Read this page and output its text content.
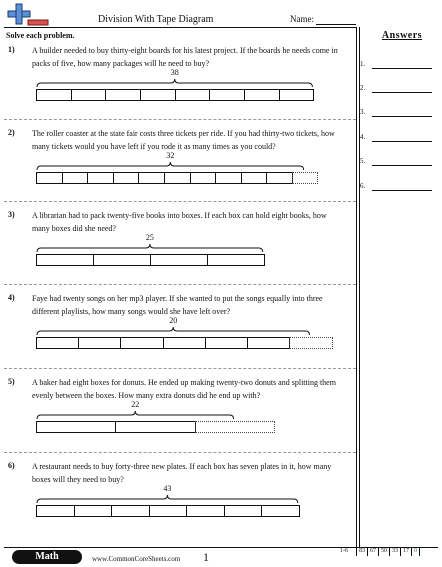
Division With Tape Diagram	Name:
Solve each problem.	Answers
1.
2.
3.
4.
5.
6.
1) A builder needed to buy thirty-eight boards for his latest project. If the boards he needs come in packs of five, how many packages will he need to buy?
38
2) The roller coaster at the state fair costs three tickets per ride. If you had thirty-two tickets, how many tickets would you have left if you rode it as many times as you could?
32
3) A librarian had to pack twenty-five books into boxes. If each box can hold eight books, how many boxes did she need?
25
4) Faye had twenty songs on her mp3 player. If she wanted to put the songs equally into three different playlists, how many songs would she have left over?
20
5) A baker had eight boxes for donuts. He ended up making twenty-two donuts and splitting them evenly between the boxes. How many extra donuts did he end up with?
22
6) A restaurant needs to buy forty-three new plates. If each box has seven plates in it, how many boxes will they need to buy?
43
Math	www.CommonCoreSheets.com 1	1-6	83 67 50 33 17 0
